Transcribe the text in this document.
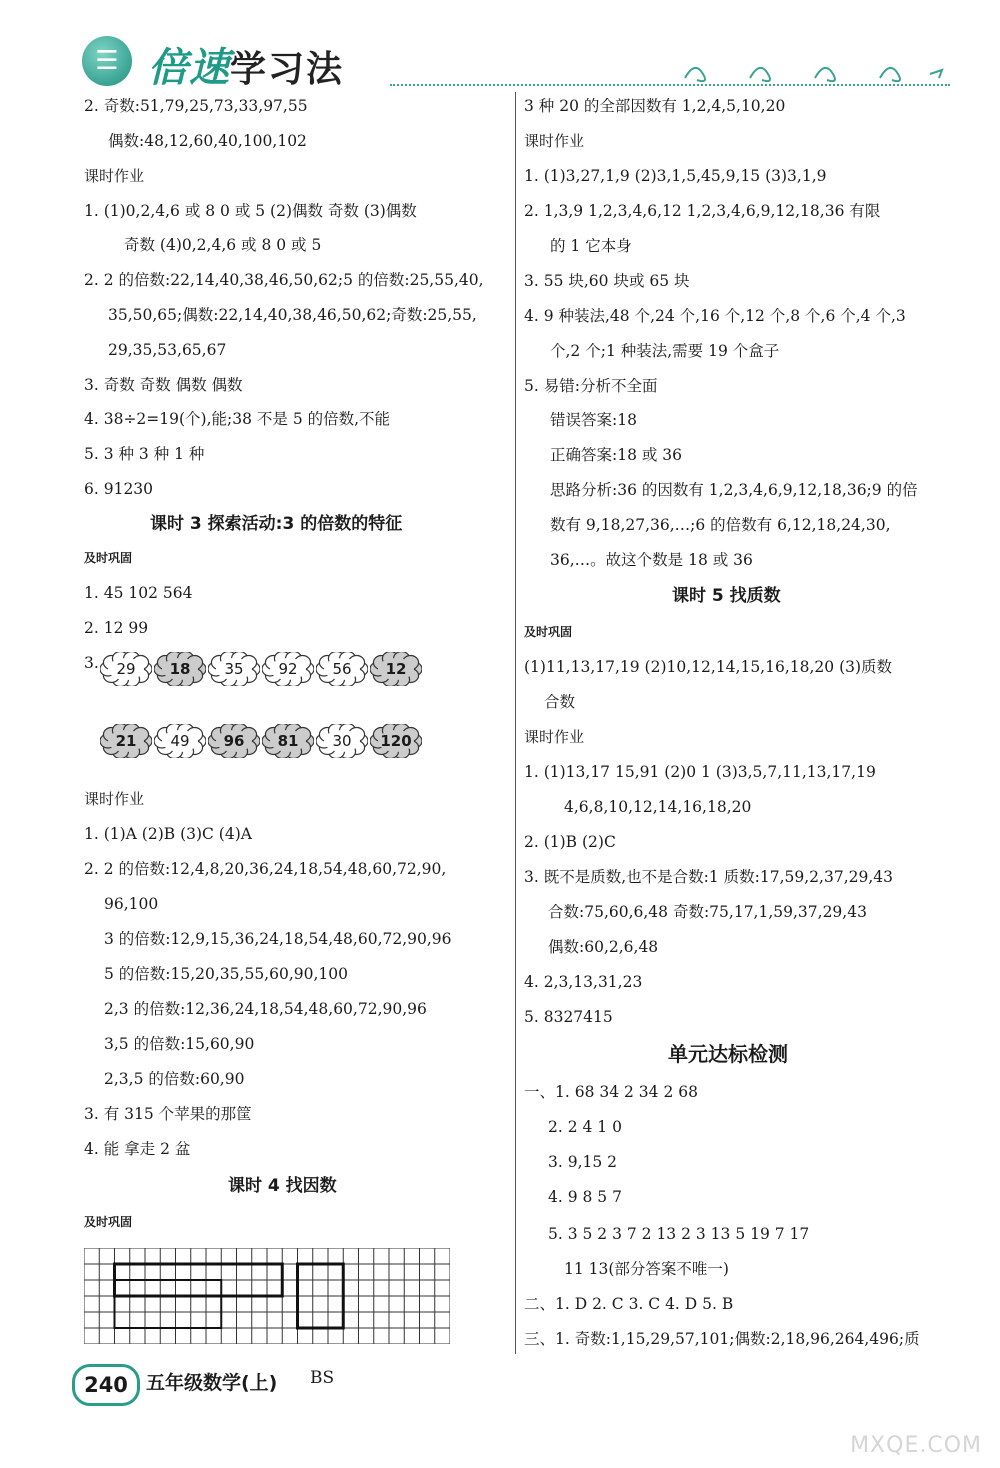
☰ 倍速学习法
2. 奇数:51,79,25,73,33,97,55
偶数:48,12,60,40,100,102
课时作业
1. (1)0,2,4,6 或 8 0 或 5 (2)偶数 奇数 (3)偶数
奇数 (4)0,2,4,6 或 8 0 或 5
2. 2 的倍数:22,14,40,38,46,50,62;5 的倍数:25,55,40,
35,50,65;偶数:22,14,40,38,46,50,62;奇数:25,55,
29,35,53,65,67
3. 奇数 奇数 偶数 偶数
4. 38÷2=19(个),能;38 不是 5 的倍数,不能
5. 3 种 3 种 1 种
6. 91230
课时 3 探索活动:3 的倍数的特征
及时巩固
1. 45 102 564
2. 12 99
3.
课时作业
1. (1)A (2)B (3)C (4)A
2. 2 的倍数:12,4,8,20,36,24,18,54,48,60,72,90,
96,100
3 的倍数:12,9,15,36,24,18,54,48,60,72,90,96
5 的倍数:15,20,35,55,60,90,100
2,3 的倍数:12,36,24,18,54,48,60,72,90,96
3,5 的倍数:15,60,90
2,3,5 的倍数:60,90
3. 有 315 个苹果的那筐
4. 能 拿走 2 盆
课时 4 找因数
及时巩固
3 种 20 的全部因数有 1,2,4,5,10,20
课时作业
1. (1)3,27,1,9 (2)3,1,5,45,9,15 (3)3,1,9
2. 1,3,9 1,2,3,4,6,12 1,2,3,4,6,9,12,18,36 有限
的 1 它本身
3. 55 块,60 块或 65 块
4. 9 种装法,48 个,24 个,16 个,12 个,8 个,6 个,4 个,3
个,2 个;1 种装法,需要 19 个盒子
5. 易错:分析不全面
错误答案:18
正确答案:18 或 36
思路分析:36 的因数有 1,2,3,4,6,9,12,18,36;9 的倍
数有 9,18,27,36,…;6 的倍数有 6,12,18,24,30,
36,…。故这个数是 18 或 36
课时 5 找质数
及时巩固
(1)11,13,17,19 (2)10,12,14,15,16,18,20 (3)质数
合数
课时作业
1. (1)13,17 15,91 (2)0 1 (3)3,5,7,11,13,17,19
4,6,8,10,12,14,16,18,20
2. (1)B (2)C
3. 既不是质数,也不是合数:1 质数:17,59,2,37,29,43
合数:75,60,6,48 奇数:75,17,1,59,37,29,43
偶数:60,2,6,48
4. 2,3,13,31,23
5. 8327415
单元达标检测
一、1. 68 34 2 34 2 68
2. 2 4 1 0
3. 9,15 2
4. 9 8 5 7
5. 3 5 2 3 7 2 13 2 3 13 5 19 7 17
11 13(部分答案不唯一)
二、1. D 2. C 3. C 4. D 5. B
三、1. 奇数:1,15,29,57,101;偶数:2,18,96,264,496;质
29 18 35 92 56 12
21 49 96 81 30 120
240 五年级数学(上) BS
MXQE.COM
